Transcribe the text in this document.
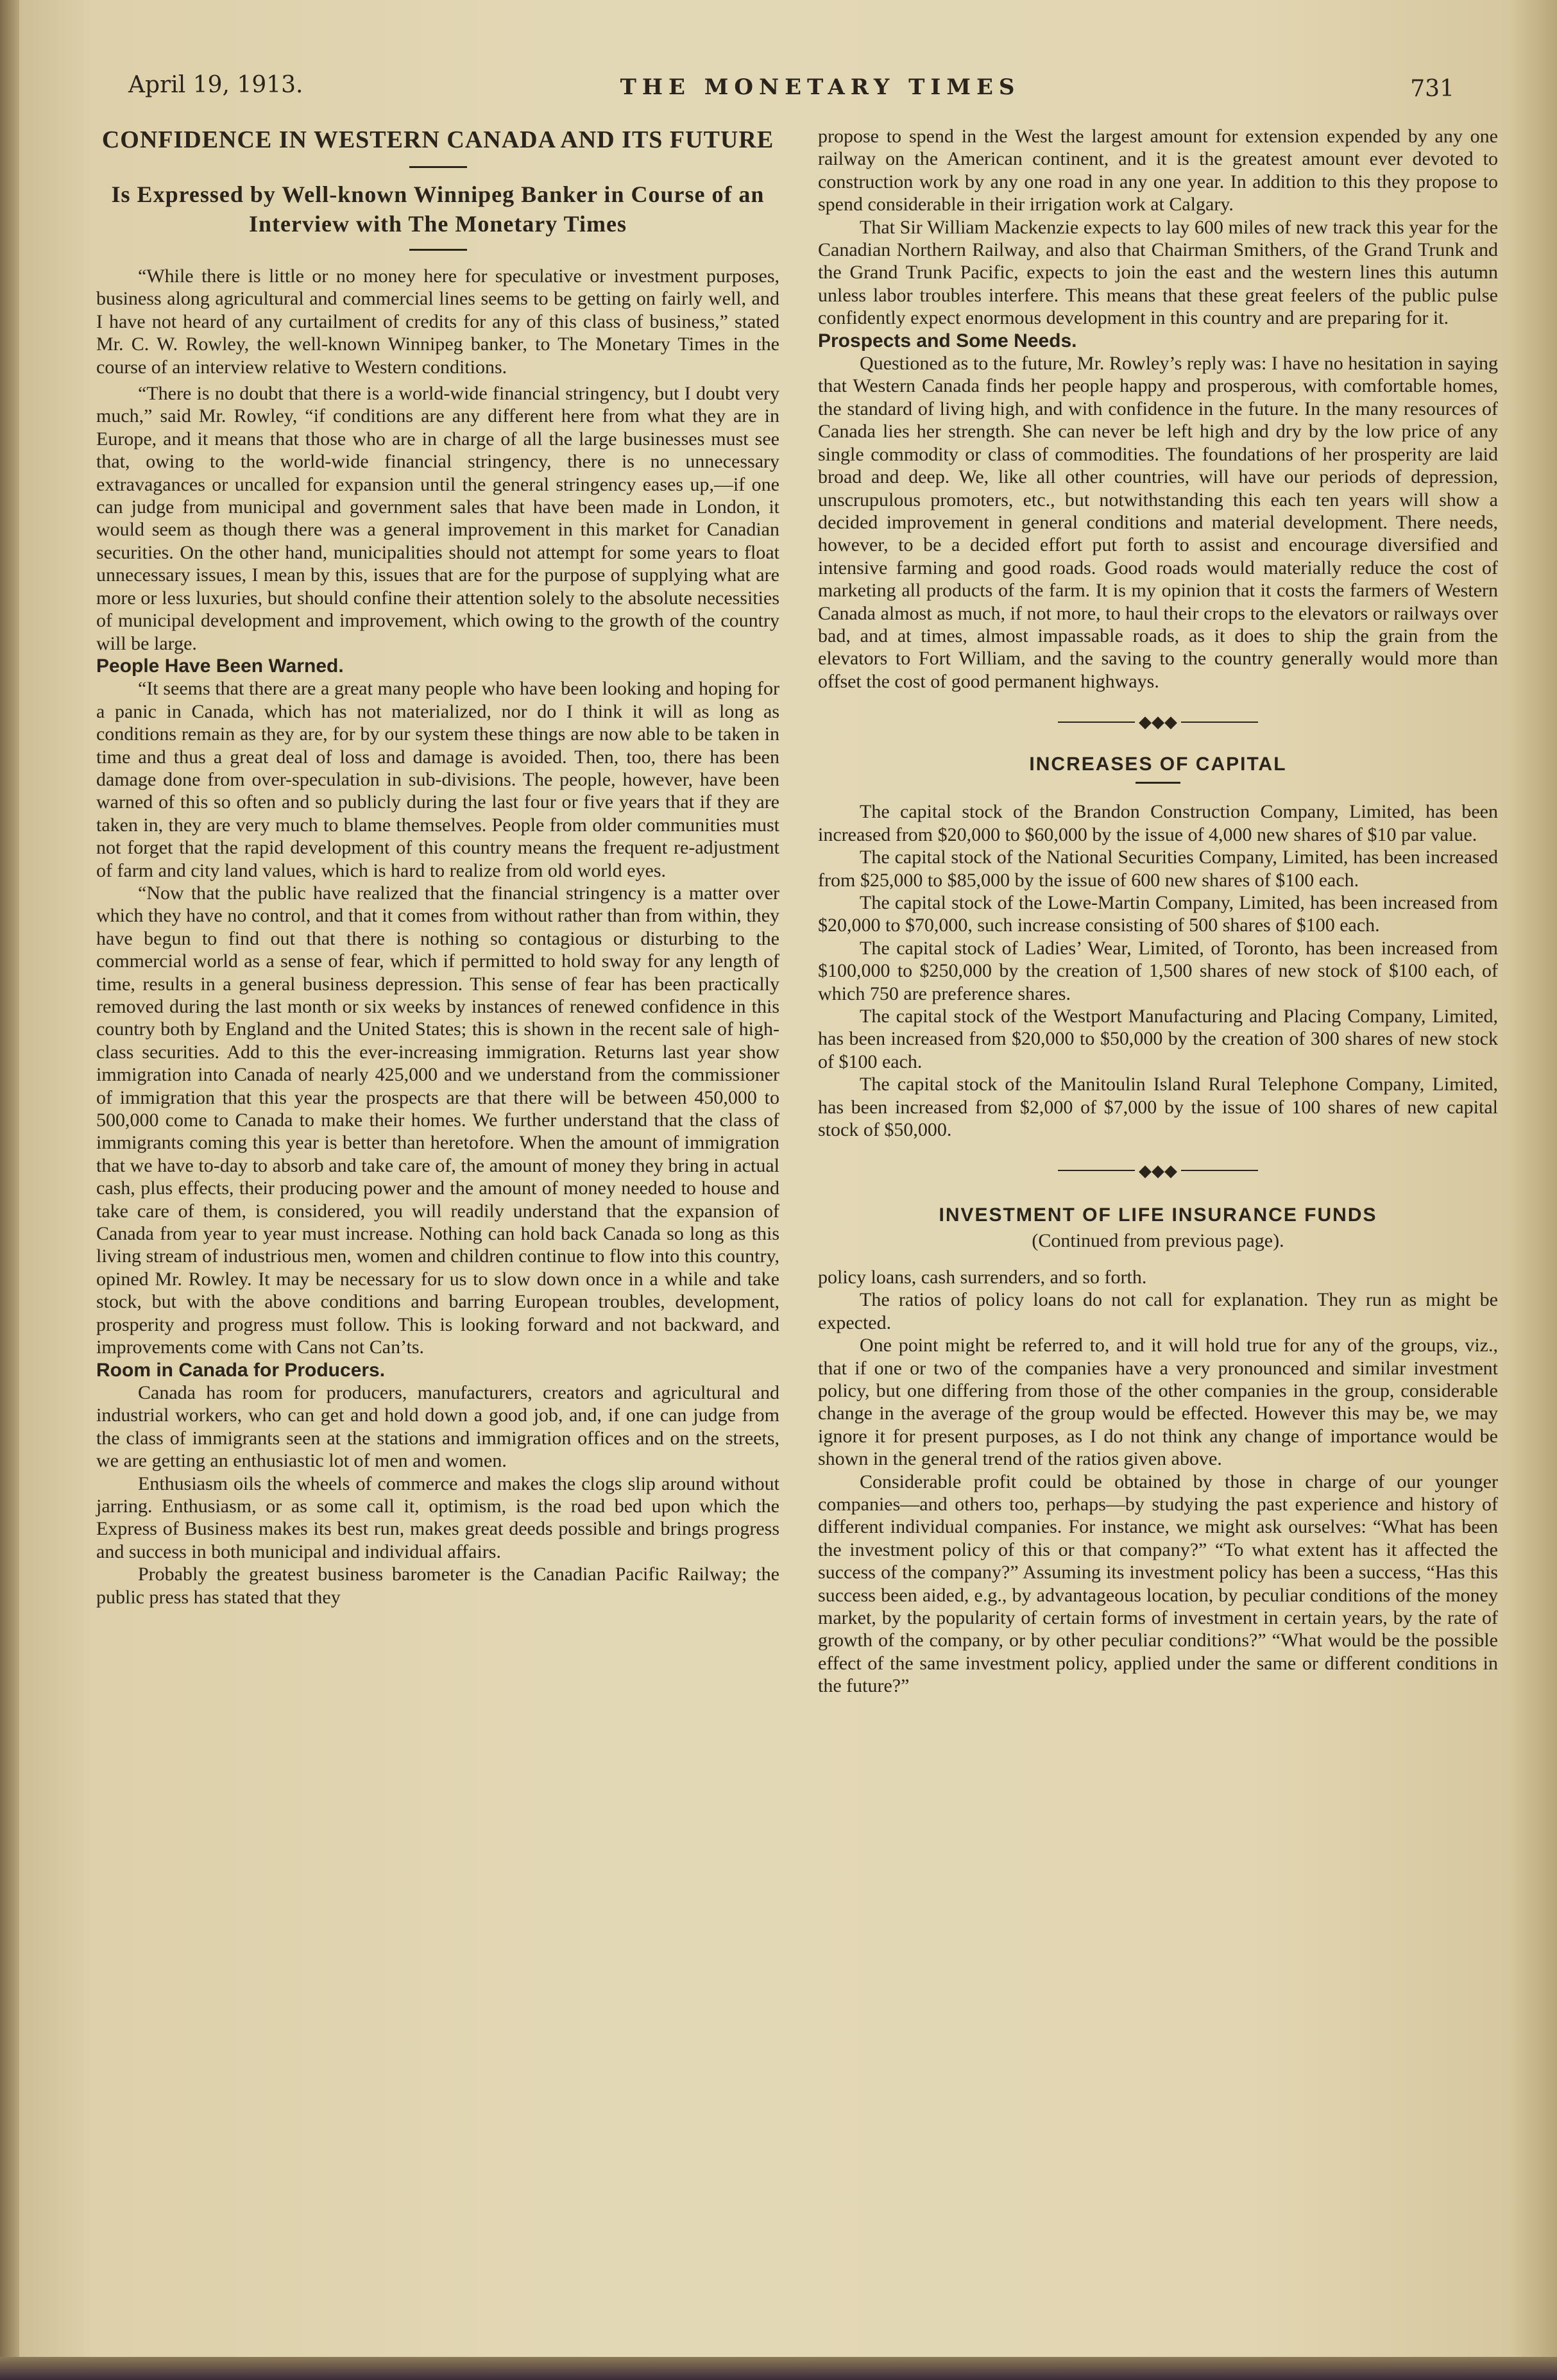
April 19, 1913.	THE MONETARY TIMES	731
CONFIDENCE IN WESTERN CANADA AND ITS FUTURE
Is Expressed by Well-known Winnipeg Banker in Course of an Interview with The Monetary Times

“While there is little or no money here for speculative or investment purposes, business along agricultural and commercial lines seems to be getting on fairly well, and I have not heard of any curtailment of credits for any of this class of business,” stated Mr. C. W. Rowley, the well-known Winnipeg banker, to The Monetary Times in the course of an interview relative to Western conditions.

“There is no doubt that there is a world-wide financial stringency, but I doubt very much,” said Mr. Rowley, “if conditions are any different here from what they are in Europe, and it means that those who are in charge of all the large businesses must see that, owing to the world-wide financial stringency, there is no unnecessary extravagances or uncalled for expansion until the general stringency eases up,—if one can judge from municipal and government sales that have been made in London, it would seem as though there was a general improvement in this market for Canadian securities. On the other hand, municipalities should not attempt for some years to float unnecessary issues, I mean by this, issues that are for the purpose of supplying what are more or less luxuries, but should confine their attention solely to the absolute necessities of municipal development and improvement, which owing to the growth of the country will be large.

People Have Been Warned.

“It seems that there are a great many people who have been looking and hoping for a panic in Canada, which has not materialized, nor do I think it will as long as conditions remain as they are, for by our system these things are now able to be taken in time and thus a great deal of loss and damage is avoided. Then, too, there has been damage done from over-speculation in sub-divisions. The people, however, have been warned of this so often and so publicly during the last four or five years that if they are taken in, they are very much to blame themselves. People from older communities must not forget that the rapid development of this country means the frequent re-adjustment of farm and city land values, which is hard to realize from old world eyes.

“Now that the public have realized that the financial stringency is a matter over which they have no control, and that it comes from without rather than from within, they have begun to find out that there is nothing so contagious or disturbing to the commercial world as a sense of fear, which if permitted to hold sway for any length of time, results in a general business depression. This sense of fear has been practically removed during the last month or six weeks by instances of renewed confidence in this country both by England and the United States; this is shown in the recent sale of high-class securities. Add to this the ever-increasing immigration. Returns last year show immigration into Canada of nearly 425,000 and we understand from the commissioner of immigration that this year the prospects are that there will be between 450,000 to 500,000 come to Canada to make their homes. We further understand that the class of immigrants coming this year is better than heretofore. When the amount of immigration that we have to-day to absorb and take care of, the amount of money they bring in actual cash, plus effects, their producing power and the amount of money needed to house and take care of them, is considered, you will readily understand that the expansion of Canada from year to year must increase. Nothing can hold back Canada so long as this living stream of industrious men, women and children continue to flow into this country, opined Mr. Rowley. It may be necessary for us to slow down once in a while and take stock, but with the above conditions and barring European troubles, development, prosperity and progress must follow. This is looking forward and not backward, and improvements come with Cans not Can’ts.

Room in Canada for Producers.

Canada has room for producers, manufacturers, creators and agricultural and industrial workers, who can get and hold down a good job, and, if one can judge from the class of immigrants seen at the stations and immigration offices and on the streets, we are getting an enthusiastic lot of men and women.

Enthusiasm oils the wheels of commerce and makes the clogs slip around without jarring. Enthusiasm, or as some call it, optimism, is the road bed upon which the Express of Business makes its best run, makes great deeds possible and brings progress and success in both municipal and individual affairs.

Probably the greatest business barometer is the Canadian Pacific Railway; the public press has stated that they

propose to spend in the West the largest amount for extension expended by any one railway on the American continent, and it is the greatest amount ever devoted to construction work by any one road in any one year. In addition to this they propose to spend considerable in their irrigation work at Calgary.

That Sir William Mackenzie expects to lay 600 miles of new track this year for the Canadian Northern Railway, and also that Chairman Smithers, of the Grand Trunk and the Grand Trunk Pacific, expects to join the east and the western lines this autumn unless labor troubles interfere. This means that these great feelers of the public pulse confidently expect enormous development in this country and are preparing for it.

Prospects and Some Needs.

Questioned as to the future, Mr. Rowley’s reply was: I have no hesitation in saying that Western Canada finds her people happy and prosperous, with comfortable homes, the standard of living high, and with confidence in the future. In the many resources of Canada lies her strength. She can never be left high and dry by the low price of any single commodity or class of commodities. The foundations of her prosperity are laid broad and deep. We, like all other countries, will have our periods of depression, unscrupulous promoters, etc., but notwithstanding this each ten years will show a decided improvement in general conditions and material development. There needs, however, to be a decided effort put forth to assist and encourage diversified and intensive farming and good roads. Good roads would materially reduce the cost of marketing all products of the farm. It is my opinion that it costs the farmers of Western Canada almost as much, if not more, to haul their crops to the elevators or railways over bad, and at times, almost impassable roads, as it does to ship the grain from the elevators to Fort William, and the saving to the country generally would more than offset the cost of good permanent highways.

◆◆◆
INCREASES OF CAPITAL

The capital stock of the Brandon Construction Company, Limited, has been increased from $20,000 to $60,000 by the issue of 4,000 new shares of $10 par value.

The capital stock of the National Securities Company, Limited, has been increased from $25,000 to $85,000 by the issue of 600 new shares of $100 each.

The capital stock of the Lowe-Martin Company, Limited, has been increased from $20,000 to $70,000, such increase consisting of 500 shares of $100 each.

The capital stock of Ladies’ Wear, Limited, of Toronto, has been increased from $100,000 to $250,000 by the creation of 1,500 shares of new stock of $100 each, of which 750 are preference shares.

The capital stock of the Westport Manufacturing and Placing Company, Limited, has been increased from $20,000 to $50,000 by the creation of 300 shares of new stock of $100 each.

The capital stock of the Manitoulin Island Rural Telephone Company, Limited, has been increased from $2,000 of $7,000 by the issue of 100 shares of new capital stock of $50,000.

◆◆◆
INVESTMENT OF LIFE INSURANCE FUNDS
(Continued from previous page).

policy loans, cash surrenders, and so forth.

The ratios of policy loans do not call for explanation. They run as might be expected.

One point might be referred to, and it will hold true for any of the groups, viz., that if one or two of the companies have a very pronounced and similar investment policy, but one differing from those of the other companies in the group, considerable change in the average of the group would be effected. However this may be, we may ignore it for present purposes, as I do not think any change of importance would be shown in the general trend of the ratios given above.

Considerable profit could be obtained by those in charge of our younger companies—and others too, perhaps—by studying the past experience and history of different individual companies. For instance, we might ask ourselves: “What has been the investment policy of this or that company?” “To what extent has it affected the success of the company?” Assuming its investment policy has been a success, “Has this success been aided, e.g., by advantageous location, by peculiar conditions of the money market, by the popularity of certain forms of investment in certain years, by the rate of growth of the company, or by other peculiar conditions?” “What would be the possible effect of the same investment policy, applied under the same or different conditions in the future?”
